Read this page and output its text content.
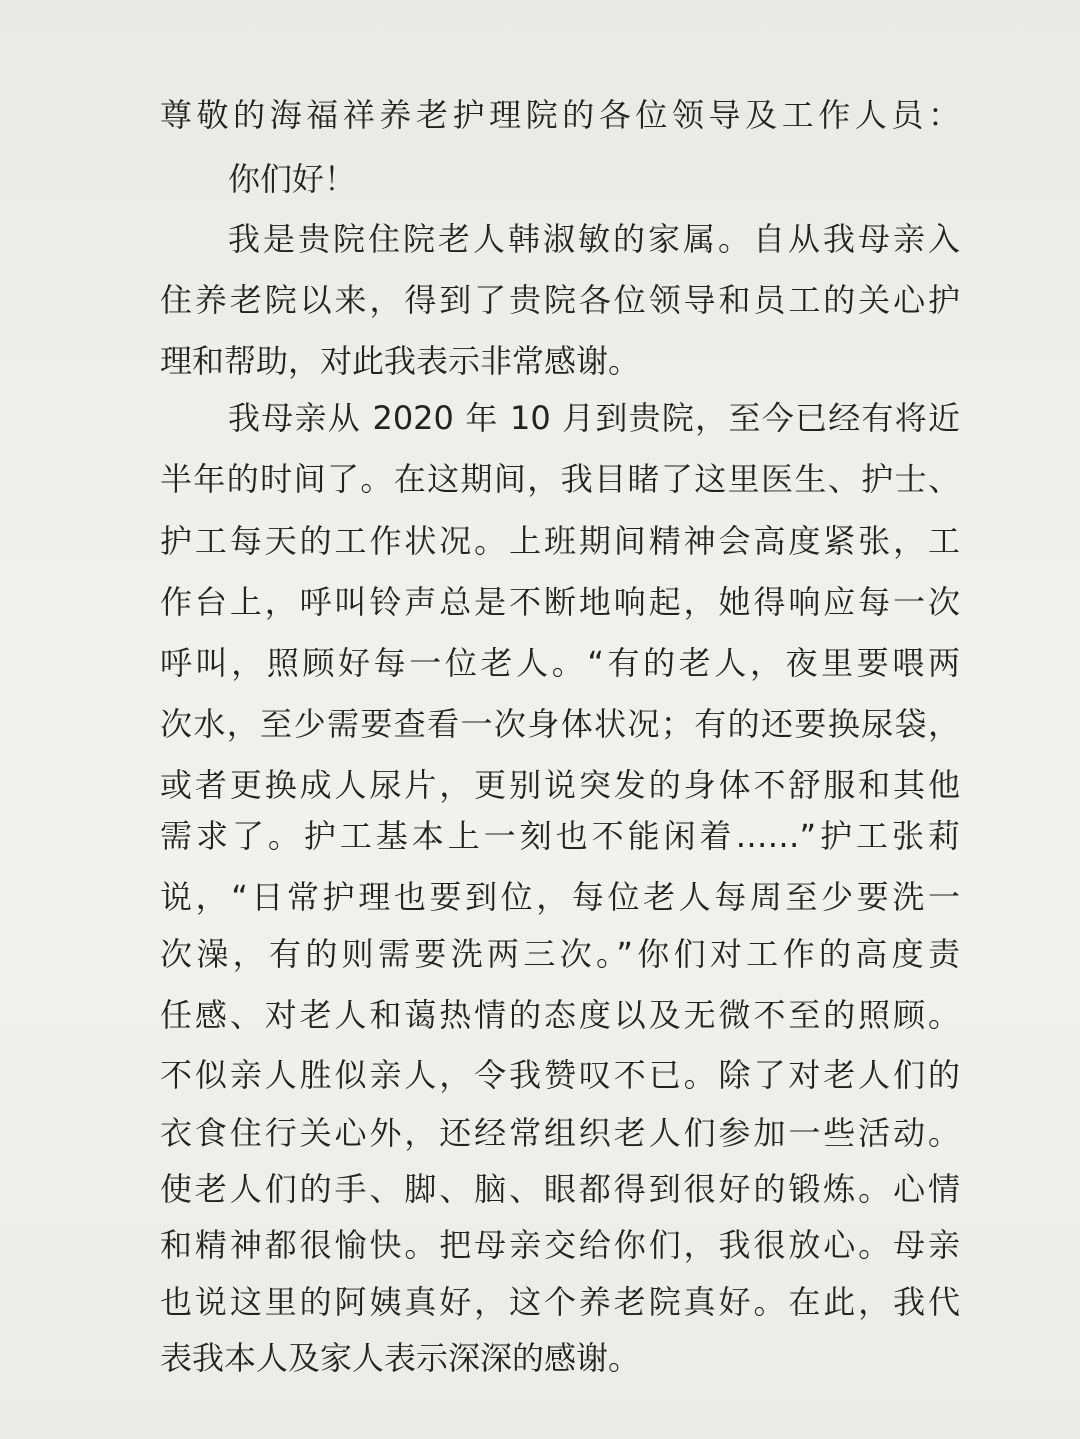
尊敬的海福祥养老护理院的各位领导及工作人员：
你们好！
我是贵院住院老人韩淑敏的家属。自从我母亲入
住养老院以来，得到了贵院各位领导和员工的关心护
理和帮助，对此我表示非常感谢。
我母亲从 2020 年 10 月到贵院，至今已经有将近
半年的时间了。在这期间，我目睹了这里医生、护士、
护工每天的工作状况。上班期间精神会高度紧张，工
作台上，呼叫铃声总是不断地响起，她得响应每一次
呼叫，照顾好每一位老人。“有的老人，夜里要喂两
次水，至少需要查看一次身体状况；有的还要换尿袋，
或者更换成人尿片，更别说突发的身体不舒服和其他
需求了。护工基本上一刻也不能闲着……”护工张莉
说，“日常护理也要到位，每位老人每周至少要洗一
次澡，有的则需要洗两三次。”你们对工作的高度责
任感、对老人和蔼热情的态度以及无微不至的照顾。
不似亲人胜似亲人，令我赞叹不已。除了对老人们的
衣食住行关心外，还经常组织老人们参加一些活动。
使老人们的手、脚、脑、眼都得到很好的锻炼。心情
和精神都很愉快。把母亲交给你们，我很放心。母亲
也说这里的阿姨真好，这个养老院真好。在此，我代
表我本人及家人表示深深的感谢。
